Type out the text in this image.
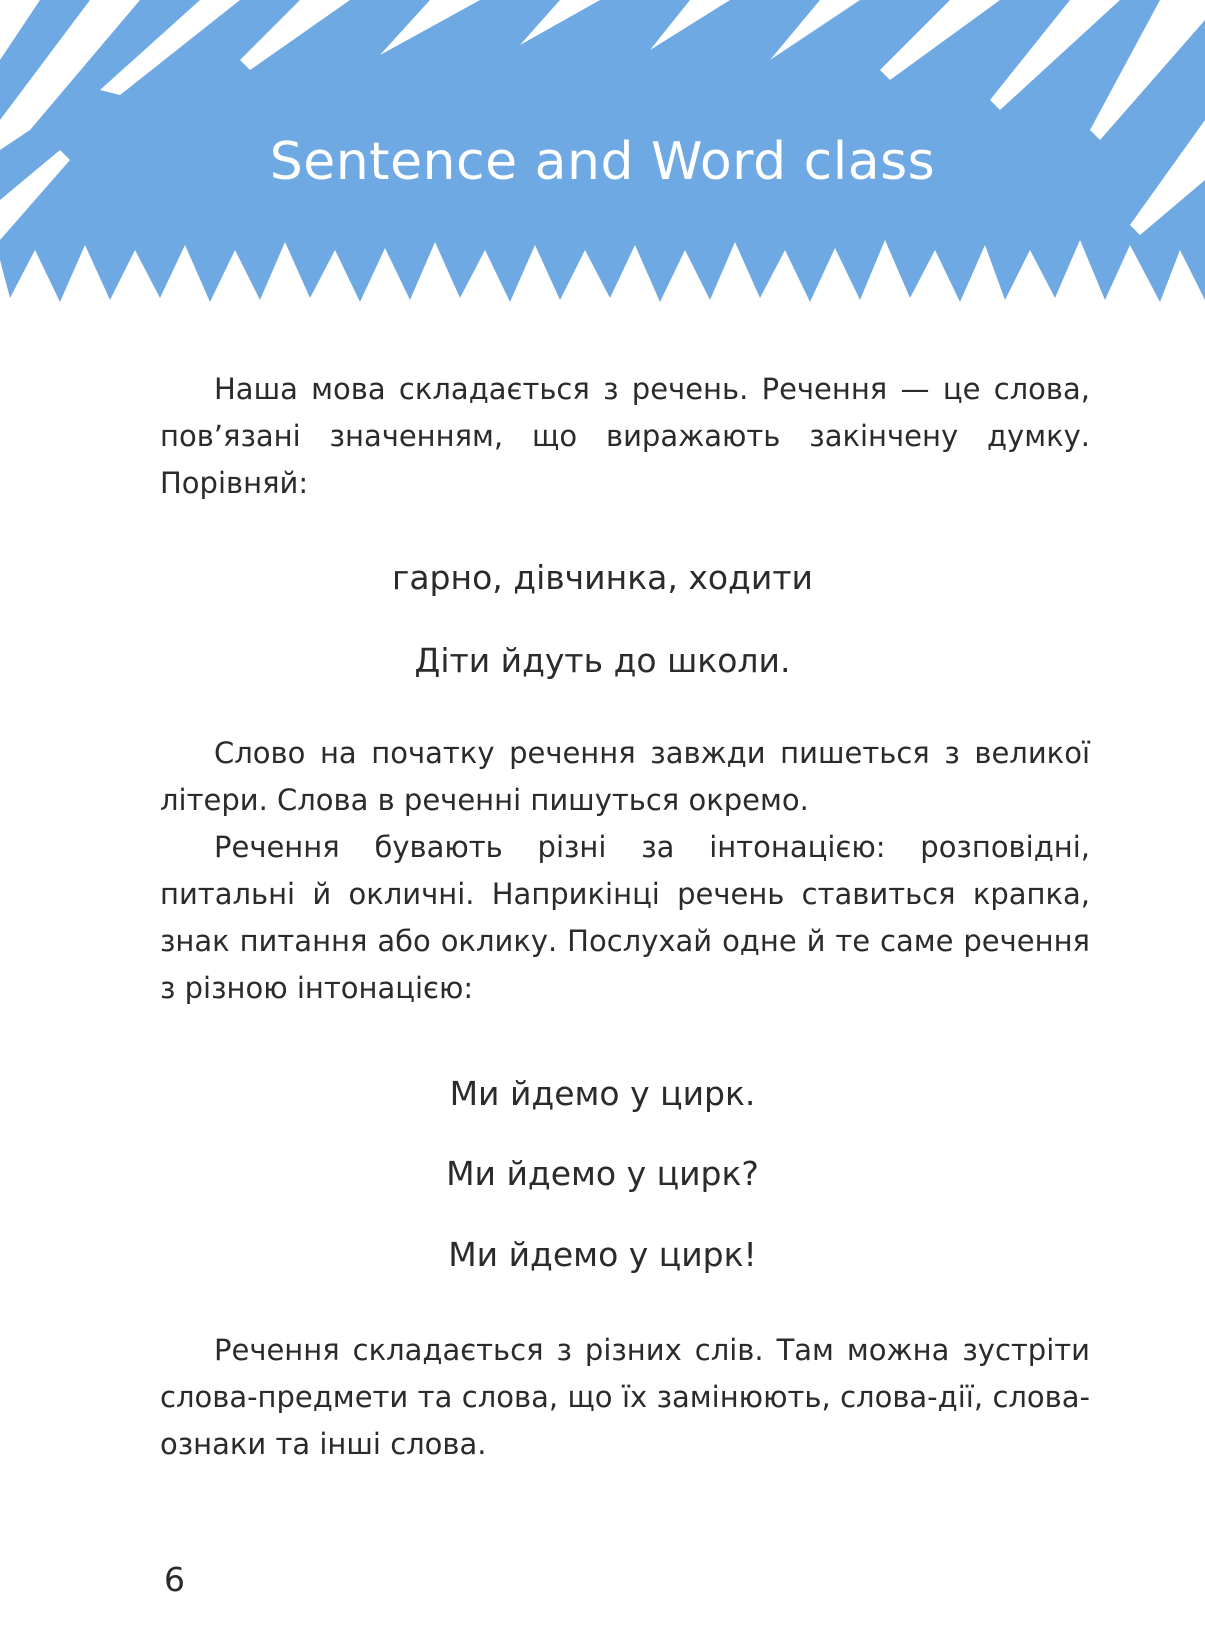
Sentence and Word class

Наша мова складається з речень. Речення — це слова, пов’язані значенням, що виражають закінчену думку. Порівняй:

гарно, дівчинка, ходити

Діти йдуть до школи.

Слово на початку речення завжди пишеться з великої літери. Слова в реченні пишуться окремо.

Речення бувають різні за інтонацією: розповідні, питальні й окличні. Наприкінці речень ставиться крапка, знак питання або оклику. Послухай одне й те саме речення з різною інтонацією:

Ми йдемо у цирк.

Ми йдемо у цирк?

Ми йдемо у цирк!

Речення складається з різних слів. Там можна зустріти слова-предмети та слова, що їх замінюють, слова-дії, слова-ознаки та інші слова.

6
